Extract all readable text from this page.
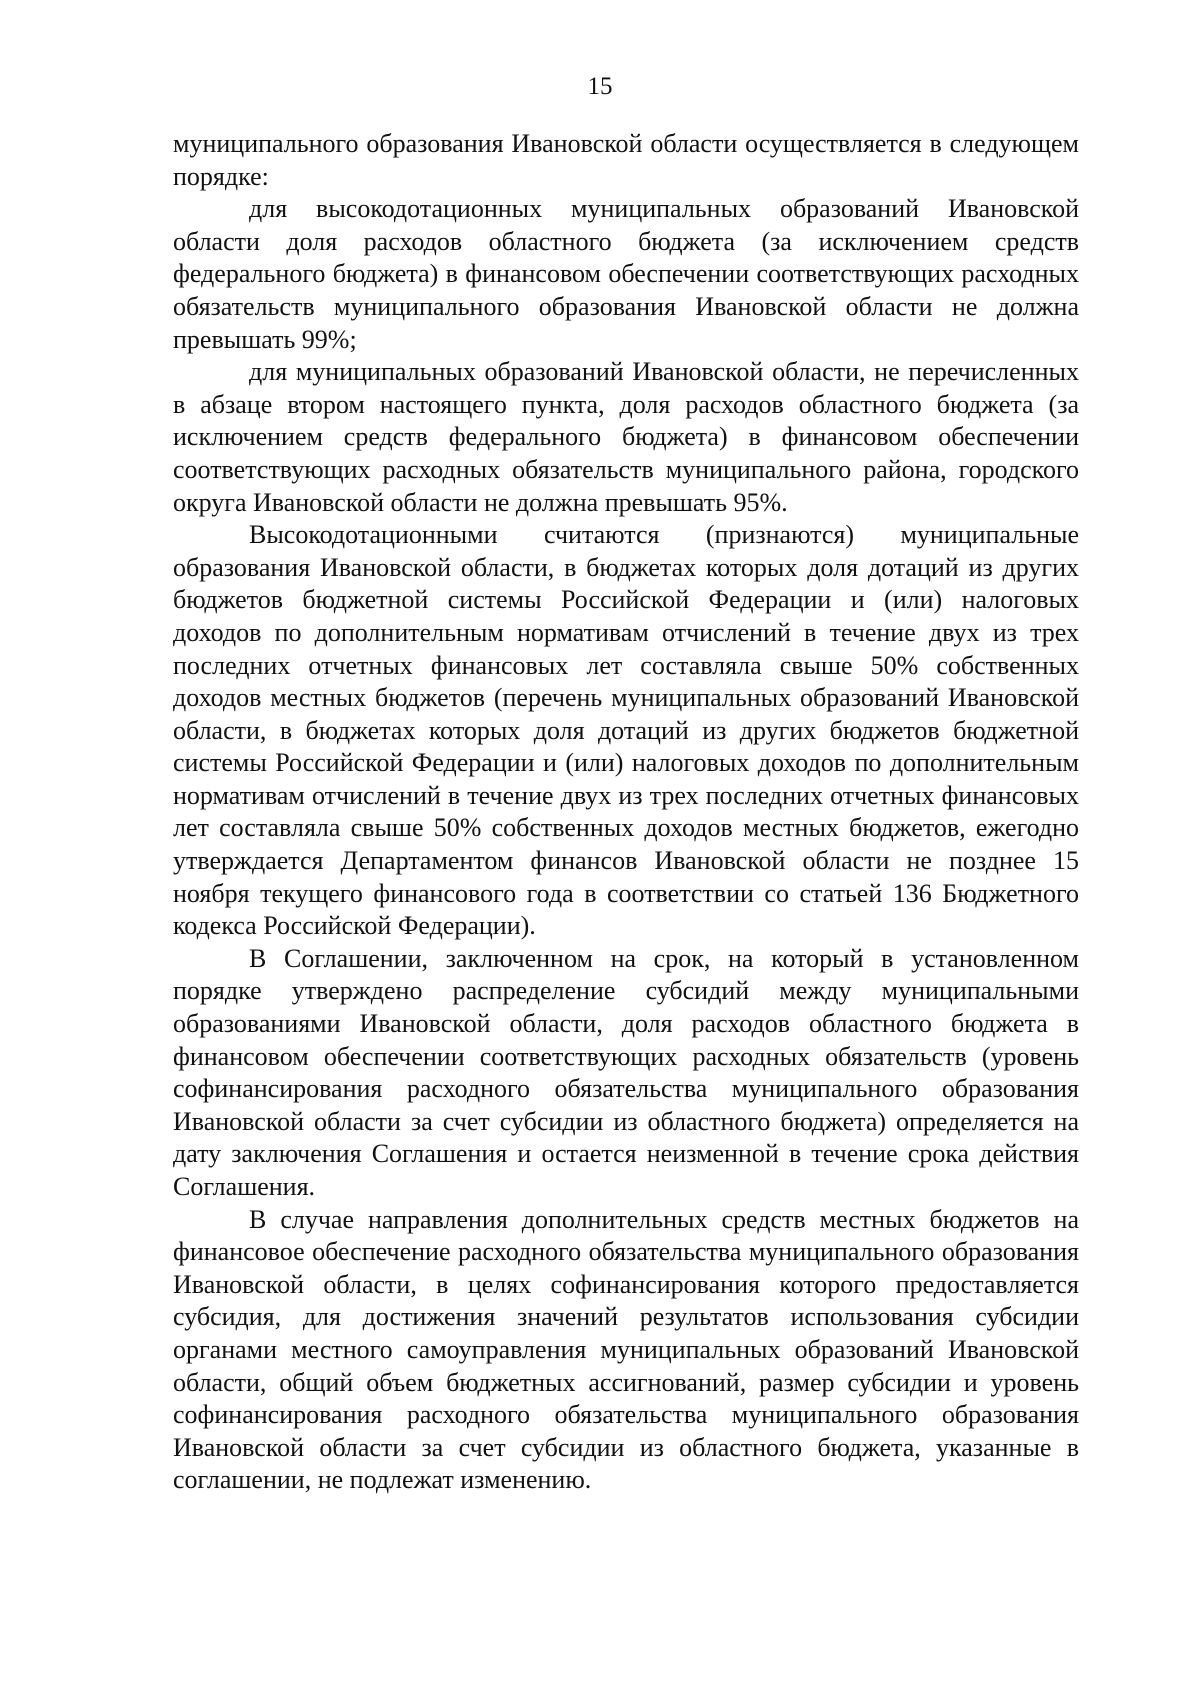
15

муниципального образования Ивановской области осуществляется в следующем порядке:

для высокодотационных муниципальных образований Ивановской области доля расходов областного бюджета (за исключением средств федерального бюджета) в финансовом обеспечении соответствующих расходных обязательств муниципального образования Ивановской области не должна превышать 99%;

для муниципальных образований Ивановской области, не перечисленных в абзаце втором настоящего пункта, доля расходов областного бюджета (за исключением средств федерального бюджета) в финансовом обеспечении соответствующих расходных обязательств муниципального района, городского округа Ивановской области не должна превышать 95%.

Высокодотационными считаются (признаются) муниципальные образования Ивановской области, в бюджетах которых доля дотаций из других бюджетов бюджетной системы Российской Федерации и (или) налоговых доходов по дополнительным нормативам отчислений в течение двух из трех последних отчетных финансовых лет составляла свыше 50% собственных доходов местных бюджетов (перечень муниципальных образований Ивановской области, в бюджетах которых доля дотаций из других бюджетов бюджетной системы Российской Федерации и (или) налоговых доходов по дополнительным нормативам отчислений в течение двух из трех последних отчетных финансовых лет составляла свыше 50% собственных доходов местных бюджетов, ежегодно утверждается Департаментом финансов Ивановской области не позднее 15 ноября текущего финансового года в соответствии со статьей 136 Бюджетного кодекса Российской Федерации).

В Соглашении, заключенном на срок, на который в установленном порядке утверждено распределение субсидий между муниципальными образованиями Ивановской области, доля расходов областного бюджета в финансовом обеспечении соответствующих расходных обязательств (уровень софинансирования расходного обязательства муниципального образования Ивановской области за счет субсидии из областного бюджета) определяется на дату заключения Соглашения и остается неизменной в течение срока действия Соглашения.

В случае направления дополнительных средств местных бюджетов на финансовое обеспечение расходного обязательства муниципального образования Ивановской области, в целях софинансирования которого предоставляется субсидия, для достижения значений результатов использования субсидии органами местного самоуправления муниципальных образований Ивановской области, общий объем бюджетных ассигнований, размер субсидии и уровень софинансирования расходного обязательства муниципального образования Ивановской области за счет субсидии из областного бюджета, указанные в соглашении, не подлежат изменению.
